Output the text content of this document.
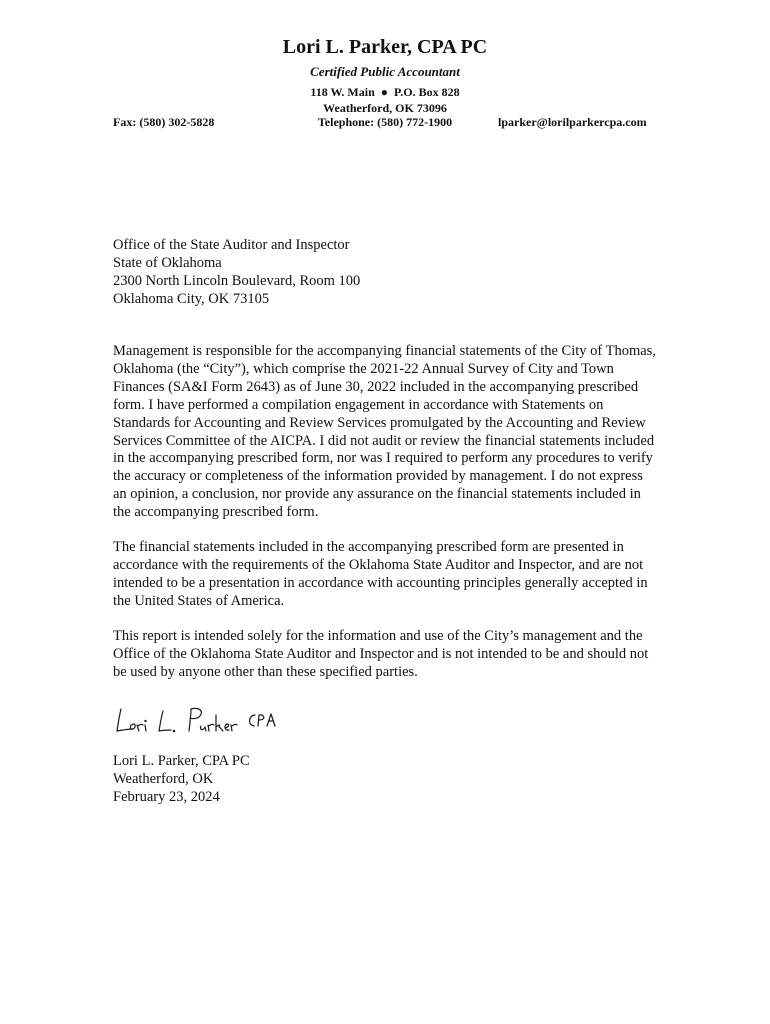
Lori L. Parker, CPA PC
Certified Public Accountant
118 W. Main ● P.O. Box 828
Weatherford, OK 73096
Fax: (580) 302-5828	Telephone: (580) 772-1900	lparker@lorilparkercpa.com
Office of the State Auditor and Inspector
State of Oklahoma
2300 North Lincoln Boulevard, Room 100
Oklahoma City, OK 73105

Management is responsible for the accompanying financial statements of the City of Thomas, Oklahoma (the “City”), which comprise the 2021-22 Annual Survey of City and Town Finances (SA&I Form 2643) as of June 30, 2022 included in the accompanying prescribed form. I have performed a compilation engagement in accordance with Statements on Standards for Accounting and Review Services promulgated by the Accounting and Review Services Committee of the AICPA. I did not audit or review the financial statements included in the accompanying prescribed form, nor was I required to perform any procedures to verify the accuracy or completeness of the information provided by management. I do not express an opinion, a conclusion, nor provide any assurance on the financial statements included in the accompanying prescribed form.

The financial statements included in the accompanying prescribed form are presented in accordance with the requirements of the Oklahoma State Auditor and Inspector, and are not intended to be a presentation in accordance with accounting principles generally accepted in the United States of America.

This report is intended solely for the information and use of the City’s management and the Office of the Oklahoma State Auditor and Inspector and is not intended to be and should not be used by anyone other than these specified parties.

Lori L. Parker, CPA PC
Weatherford, OK
February 23, 2024
